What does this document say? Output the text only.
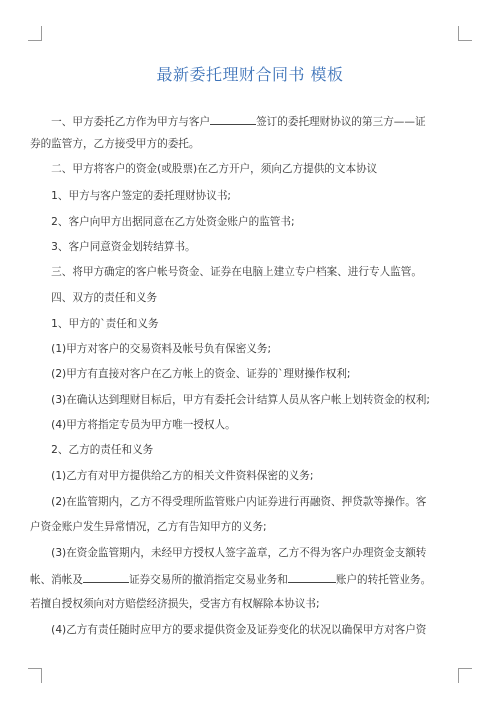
最新委托理财合同书 模板
　　一、甲方委托乙方作为甲方与客户	签订的委托理财协议的第三方——证
券的监管方，乙方接受甲方的委托。
　　二、甲方将客户的资金(或股票)在乙方开户，须向乙方提供的文本协议
　　1、甲方与客户签定的委托理财协议书;
　　2、客户向甲方出据同意在乙方处资金账户的监管书;
　　3、客户同意资金划转结算书。
　　三、将甲方确定的客户帐号资金、证券在电脑上建立专户档案、进行专人监管。
　　四、双方的责任和义务
　　1、甲方的`责任和义务
　　(1)甲方对客户的交易资料及帐号负有保密义务;
　　(2)甲方有直接对客户在乙方帐上的资金、证券的`理财操作权利;
　　(3)在确认达到理财目标后，甲方有委托会计结算人员从客户帐上划转资金的权利;
　　(4)甲方将指定专员为甲方唯一授权人。
　　2、乙方的责任和义务
　　(1)乙方有对甲方提供给乙方的相关文件资料保密的义务;
　　(2)在监管期内，乙方不得受理所监管账户内证券进行再融资、押贷款等操作。客
户资金账户发生异常情况，乙方有告知甲方的义务;
　　(3)在资金监管期内，未经甲方授权人签字盖章，乙方不得为客户办理资金支额转
帐、消帐及	证券交易所的撤消指定交易业务和	账户的转托管业务。
若擅自授权须向对方赔偿经济损失，受害方有权解除本协议书;
　　(4)乙方有责任随时应甲方的要求提供资金及证券变化的状况以确保甲方对客户资
